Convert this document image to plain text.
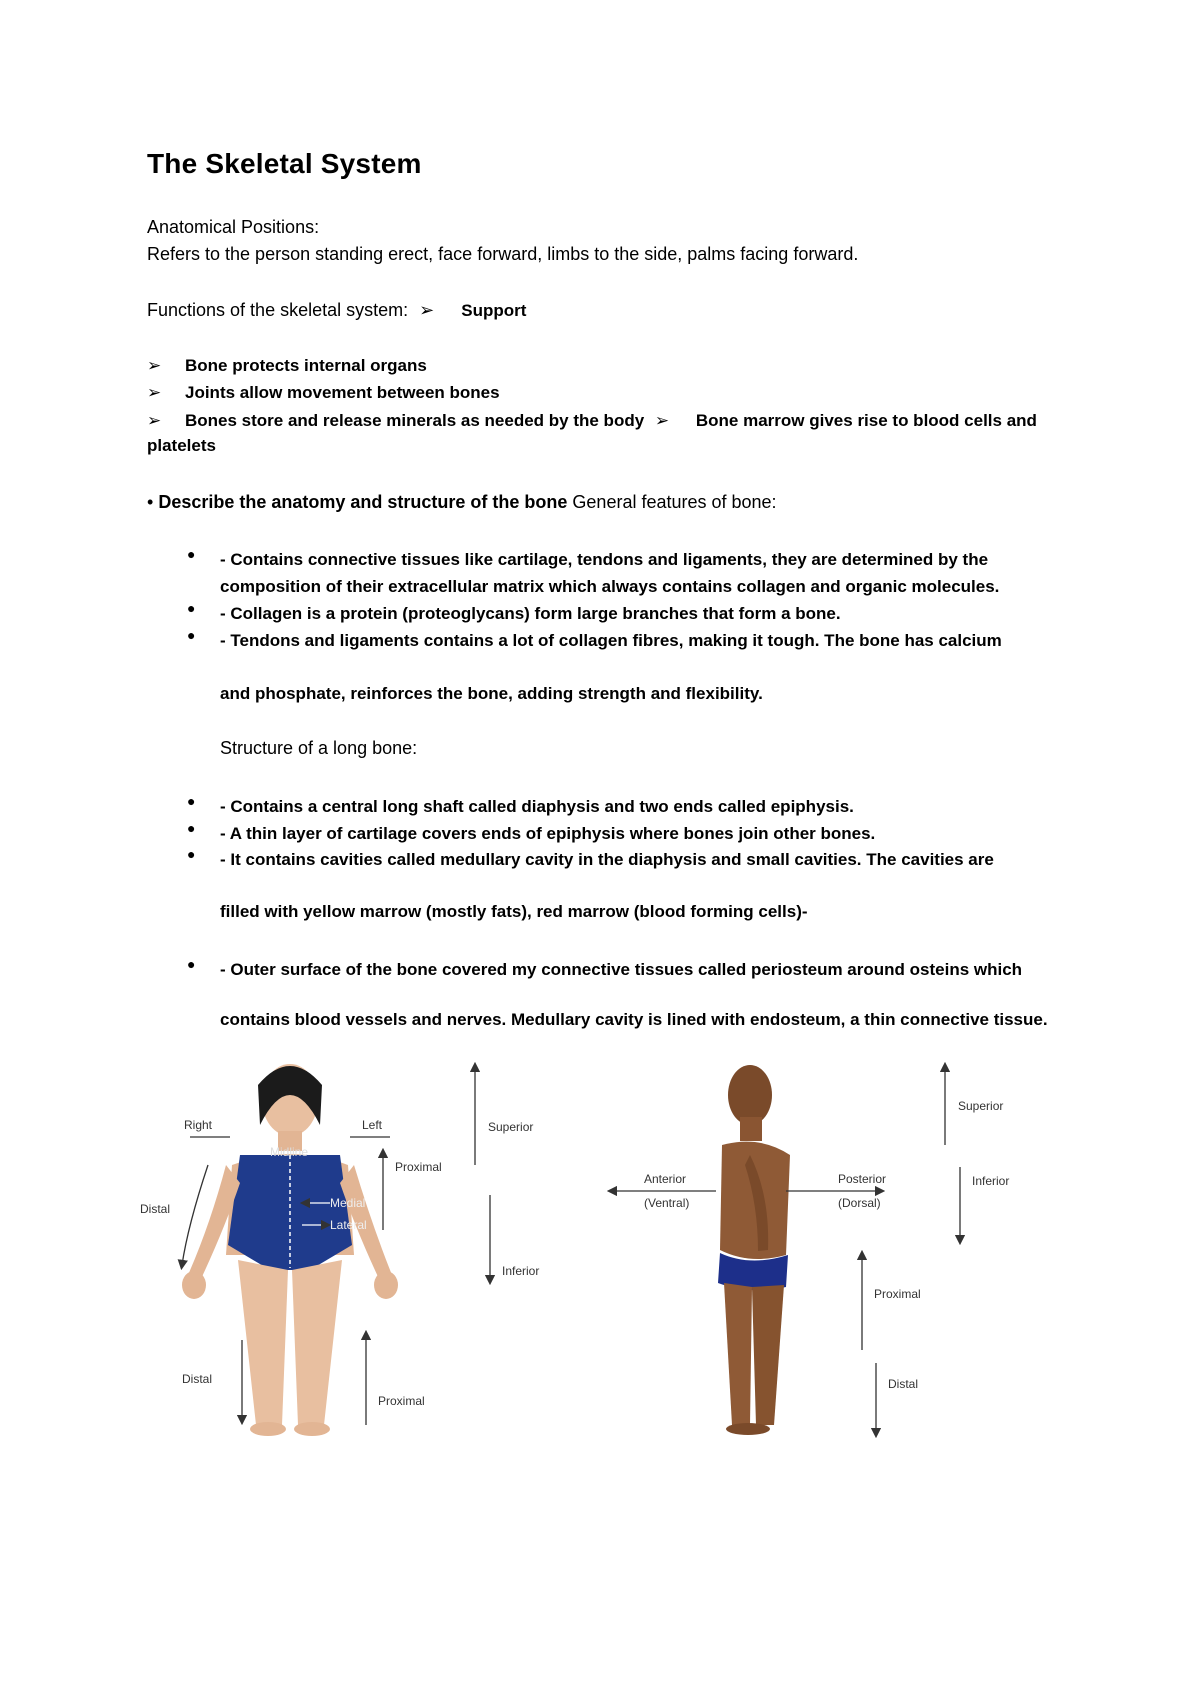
The Skeletal System
Anatomical Positions:
Refers to the person standing erect, face forward, limbs to the side, palms facing forward.
Functions of the skeletal system: ➢ Support
➢ Bone protects internal organs
➢ Joints allow movement between bones
➢ Bones store and release minerals as needed by the body ➢ Bone marrow gives rise to blood cells and
platelets
• Describe the anatomy and structure of the bone General features of bone:
● - Contains connective tissues like cartilage, tendons and ligaments, they are determined by the composition of their extracellular matrix which always contains collagen and organic molecules.
● - Collagen is a protein (proteoglycans) form large branches that form a bone.
● - Tendons and ligaments contains a lot of collagen fibres, making it tough. The bone has calcium
and phosphate, reinforces the bone, adding strength and flexibility.
Structure of a long bone:
● - Contains a central long shaft called diaphysis and two ends called epiphysis.
● - A thin layer of cartilage covers ends of epiphysis where bones join other bones.
● - It contains cavities called medullary cavity in the diaphysis and small cavities. The cavities are
filled with yellow marrow (mostly fats), red marrow (blood forming cells)-
● - Outer surface of the bone covered my connective tissues called periosteum around osteins which
contains blood vessels and nerves. Medullary cavity is lined with endosteum, a thin connective tissue.
Right	Left
Midline
Medial
Lateral
Distal
Proximal
Superior
Inferior
Distal
Proximal
Anterior
(Ventral)
Posterior
(Dorsal)
Superior
Inferior
Proximal
Distal
